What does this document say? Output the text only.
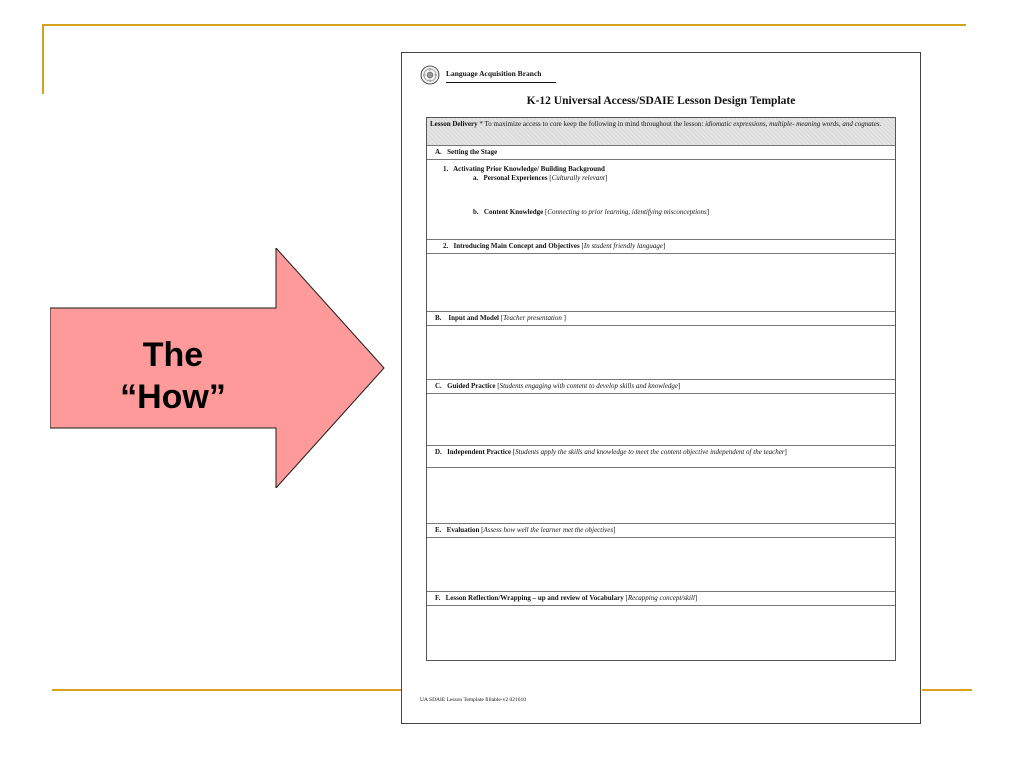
The
“How”
Language Acquisition Branch
K-12 Universal Access/SDAIE Lesson Design Template
Lesson Delivery * To maximize access to core keep the following in mind throughout the lesson: idiomatic expressions, multiple- meaning words, and cognates.
A. Setting the Stage
1. Activating Prior Knowledge/ Building Background
a. Personal Experiences [Culturally relevant]
b. Content Knowledge [Connecting to prior learning, identifying misconceptions]
2. Introducing Main Concept and Objectives [In student friendly language]
B. Input and Model [Teacher presentation ]
C. Guided Practice [Students engaging with content to develop skills and knowledge]
D. Independent Practice [Students apply the skills and knowledge to meet the content objective independent of the teacher]
E. Evaluation [Assess how well the learner met the objectives]
F. Lesson Reflection/Wrapping – up and review of Vocabulary [Recapping concept/skill]
UA SDAIE Lesson Template fillable-v2 021610
